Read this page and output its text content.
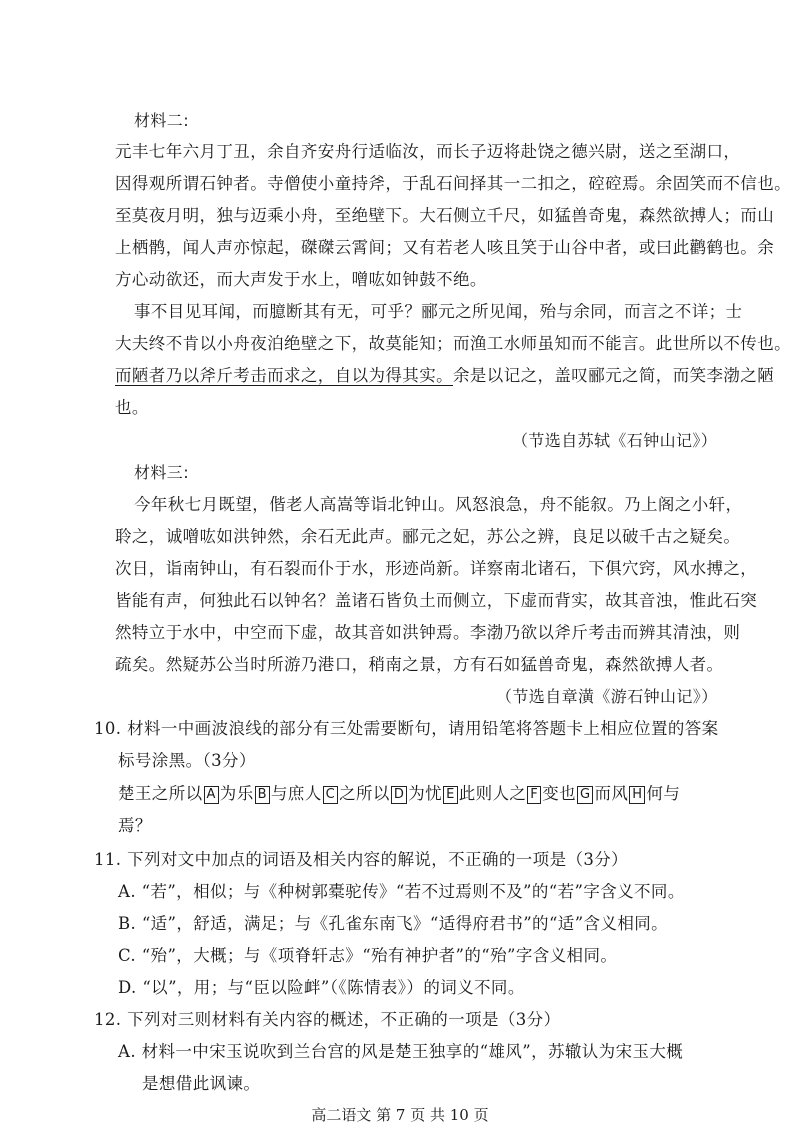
材料二:
元丰七年六月丁丑，余自齐安舟行适临汝，而长子迈将赴饶之德兴尉，送之至湖口，
因得观所谓石钟者。寺僧使小童持斧，于乱石间择其一二扣之，硿硿焉。余固笑而不信也。
至莫夜月明，独与迈乘小舟，至绝壁下。大石侧立千尺，如猛兽奇鬼，森然欲搏人；而山
上栖鹘，闻人声亦惊起，磔磔云霄间；又有若老人咳且笑于山谷中者，或曰此鹳鹤也。余
方心动欲还，而大声发于水上，噌吰如钟鼓不绝。
事不目见耳闻，而臆断其有无，可乎？郦元之所见闻，殆与余同，而言之不详；士
大夫终不肯以小舟夜泊绝壁之下，故莫能知；而渔工水师虽知而不能言。此世所以不传也。
而陋者乃以斧斤考击而求之，自以为得其实。余是以记之，盖叹郦元之简，而笑李渤之陋
也。
（节选自苏轼《石钟山记》）
材料三:
今年秋七月既望，偕老人高嵩等诣北钟山。风怒浪急，舟不能叙。乃上阁之小轩，
聆之，诚噌吰如洪钟然，余石无此声。郦元之妃，苏公之辨，良足以破千古之疑矣。
次日，诣南钟山，有石裂而仆于水，形迹尚新。详察南北诸石，下俱穴窍，风水搏之，
皆能有声，何独此石以钟名？盖诸石皆负土而侧立，下虚而背实，故其音浊，惟此石突
然特立于水中，中空而下虚，故其音如洪钟焉。李渤乃欲以斧斤考击而辨其清浊，则
疏矣。然疑苏公当时所游乃港口，稍南之景，方有石如猛兽奇鬼，森然欲搏人者。
（节选自章潢《游石钟山记》）
10. 材料一中画波浪线的部分有三处需要断句，请用铅笔将答题卡上相应位置的答案
标号涂黑。（3分）
楚王之所以 A 为乐 B 与庶人 C 之所以 D 为忧 E 此则人之 F 变也 G 而风 H 何与
焉？
11. 下列对文中加点的词语及相关内容的解说，不正确的一项是（3分）
A. “若”，相似；与《种树郭橐驼传》“若不过焉则不及”的“若”字含义不同。
B. “适”，舒适，满足；与《孔雀东南飞》“适得府君书”的“适”含义相同。
C. “殆”，大概；与《项脊轩志》“殆有神护者”的“殆”字含义相同。
D. “以”，用；与“臣以险衅”（《陈情表》）的词义不同。
12. 下列对三则材料有关内容的概述，不正确的一项是（3分）
A. 材料一中宋玉说吹到兰台宫的风是楚王独享的“雄风”，苏辙认为宋玉大概
是想借此讽谏。
高二语文 第 7 页 共 10 页
